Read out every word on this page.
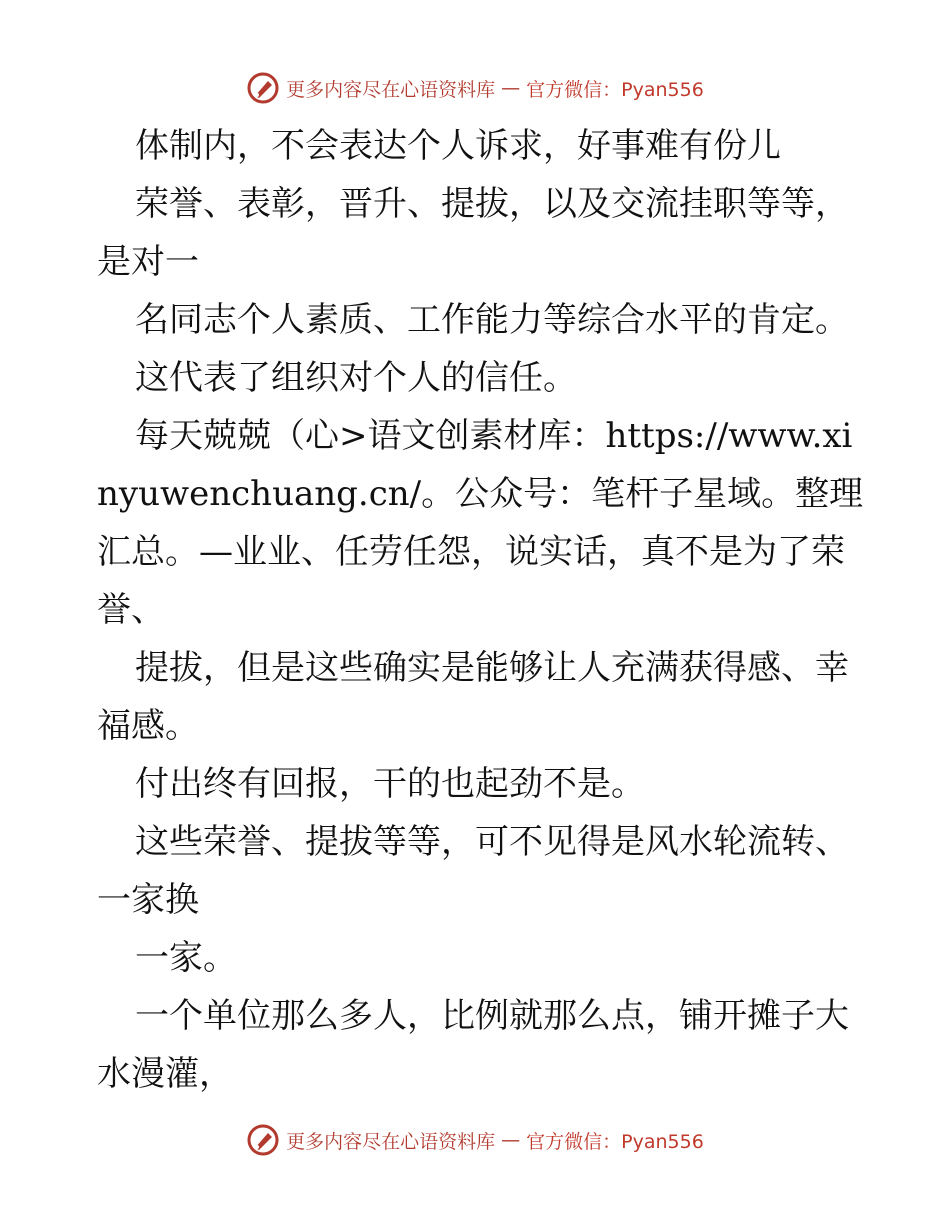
更多内容尽在心语资料库 — 官方微信：Pyan556

体制内，不会表达个人诉求，好事难有份儿

荣誉、表彰，晋升、提拔，以及交流挂职等等，是对一

名同志个人素质、工作能力等综合水平的肯定。

这代表了组织对个人的信任。

每天兢兢（心>语文创素材库：https://www.xinyuwenchuang.cn/。公众号：笔杆子星域。整理汇总。—业业、任劳任怨，说实话，真不是为了荣誉、

提拔，但是这些确实是能够让人充满获得感、幸福感。

付出终有回报，干的也起劲不是。

这些荣誉、提拔等等，可不见得是风水轮流转、一家换

一家。

一个单位那么多人，比例就那么点，铺开摊子大水漫灌，

更多内容尽在心语资料库 — 官方微信：Pyan556
